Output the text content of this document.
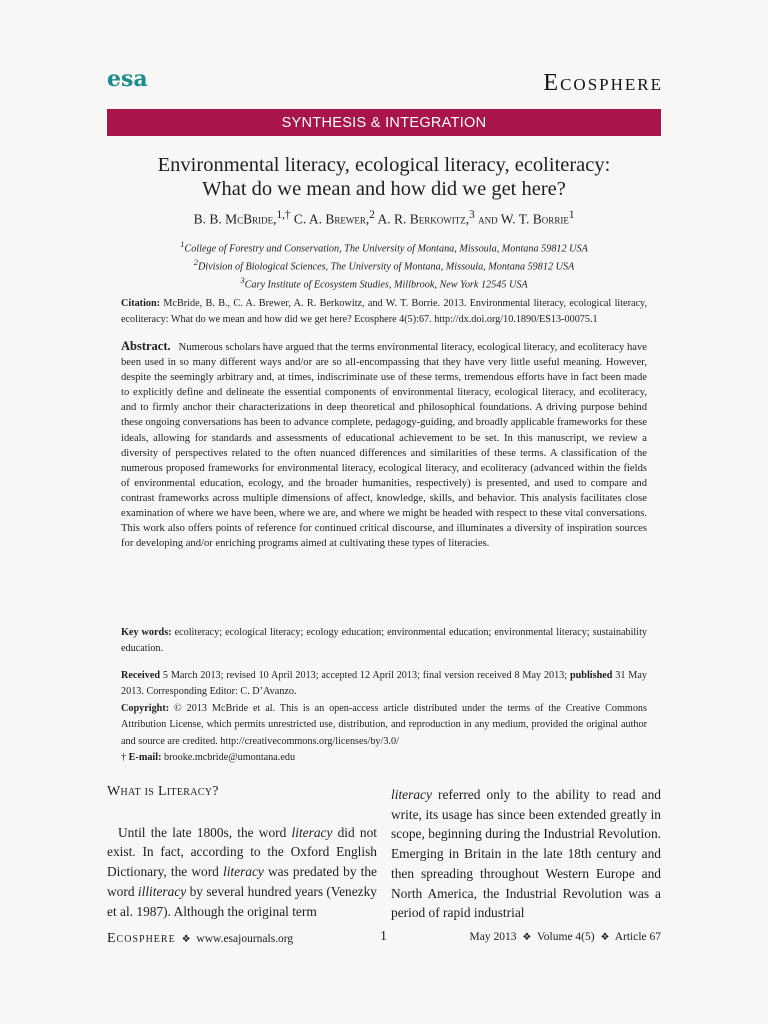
esa	Ecosphere
SYNTHESIS & INTEGRATION
Environmental literacy, ecological literacy, ecoliteracy:
What do we mean and how did we get here?
B. B. McBride,$^{1,\dagger}$ C. A. Brewer,$^2$ A. R. Berkowitz,$^3$ and W. T. Borrie$^1$
$^1$College of Forestry and Conservation, The University of Montana, Missoula, Montana 59812 USA
$^2$Division of Biological Sciences, The University of Montana, Missoula, Montana 59812 USA
$^3$Cary Institute of Ecosystem Studies, Millbrook, New York 12545 USA
Citation: McBride, B. B., C. A. Brewer, A. R. Berkowitz, and W. T. Borrie. 2013. Environmental literacy, ecological literacy, ecoliteracy: What do we mean and how did we get here? Ecosphere 4(5):67. http://dx.doi.org/10.1890/ES13-00075.1
Abstract. Numerous scholars have argued that the terms environmental literacy, ecological literacy, and ecoliteracy have been used in so many different ways and/or are so all-encompassing that they have very little useful meaning. However, despite the seemingly arbitrary and, at times, indiscriminate use of these terms, tremendous efforts have in fact been made to explicitly define and delineate the essential components of environmental literacy, ecological literacy, and ecoliteracy, and to firmly anchor their characterizations in deep theoretical and philosophical foundations. A driving purpose behind these ongoing conversations has been to advance complete, pedagogy-guiding, and broadly applicable frameworks for these ideals, allowing for standards and assessments of educational achievement to be set. In this manuscript, we review a diversity of perspectives related to the often nuanced differences and similarities of these terms. A classification of the numerous proposed frameworks for environmental literacy, ecological literacy, and ecoliteracy (advanced within the fields of environmental education, ecology, and the broader humanities, respectively) is presented, and used to compare and contrast frameworks across multiple dimensions of affect, knowledge, skills, and behavior. This analysis facilitates close examination of where we have been, where we are, and where we might be headed with respect to these vital conversations. This work also offers points of reference for continued critical discourse, and illuminates a diversity of inspiration sources for developing and/or enriching programs aimed at cultivating these types of literacies.
Key words: ecoliteracy; ecological literacy; ecology education; environmental education; environmental literacy; sustainability education.
Received 5 March 2013; revised 10 April 2013; accepted 12 April 2013; final version received 8 May 2013; published 31 May 2013. Corresponding Editor: C. D’Avanzo.
Copyright: © 2013 McBride et al. This is an open-access article distributed under the terms of the Creative Commons Attribution License, which permits unrestricted use, distribution, and reproduction in any medium, provided the original author and source are credited. http://creativecommons.org/licenses/by/3.0/
† E-mail: brooke.mcbride@umontana.edu
What is Literacy?

Until the late 1800s, the word literacy did not exist. In fact, according to the Oxford English Dictionary, the word literacy was predated by the word illiteracy by several hundred years (Venezky et al. 1987). Although the original term

literacy referred only to the ability to read and write, its usage has since been extended greatly in scope, beginning during the Industrial Revolution. Emerging in Britain in the late 18th century and then spreading throughout Western Europe and North America, the Industrial Revolution was a period of rapid industrial

Ecosphere ❖ www.esajournals.org	1	May 2013 ❖ Volume 4(5) ❖ Article 67
